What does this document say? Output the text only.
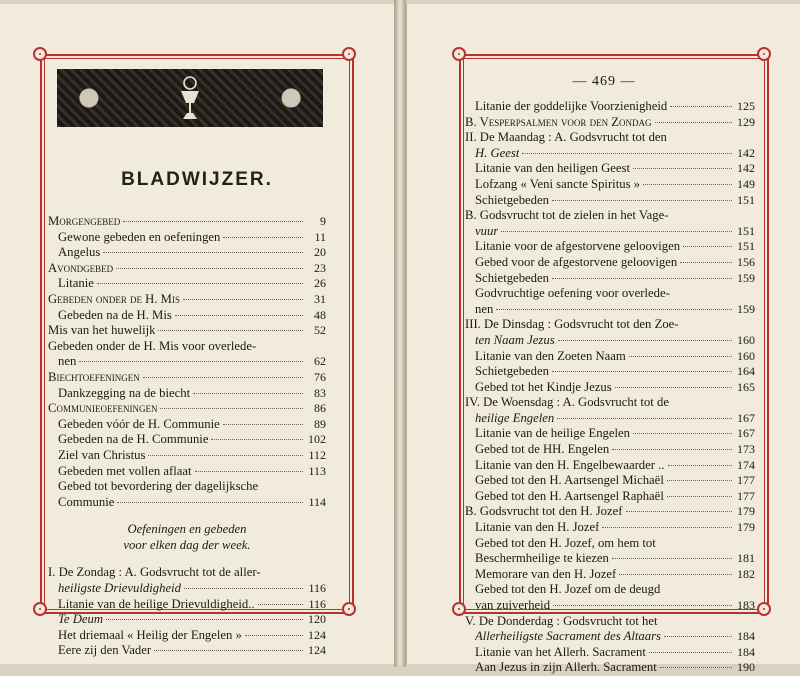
BLADWIJZER.
Morgengebed	9
Gewone gebeden en oefeningen	11
Angelus	20
Avondgebed	23
Litanie	26
Gebeden onder de H. Mis	31
Gebeden na de H. Mis	48
Mis van het huwelijk	52
Gebeden onder de H. Mis voor overlede-
nen	62
Biechtoefeningen	76
Dankzegging na de biecht	83
Communieoefeningen	86
Gebeden vóór de H. Communie	89
Gebeden na de H. Communie	102
Ziel van Christus	112
Gebeden met vollen aflaat	113
Gebed tot bevordering der dagelijksche
Communie	114
Oefeningen en gebeden
voor elken dag der week.
I. De Zondag : A. Godsvrucht tot de aller-
heiligste Drievuldigheid	116
Litanie van de heilige Drievuldigheid..	116
Te Deum	120
Het driemaal « Heilig der Engelen »	124
Eere zij den Vader	124
— 469 —
Litanie der goddelijke Voorzienigheid	125
B. Vesperpsalmen voor den Zondag	129
II. De Maandag : A. Godsvrucht tot den
H. Geest	142
Litanie van den heiligen Geest	142
Lofzang « Veni sancte Spiritus »	149
Schietgebeden	151
B. Godsvrucht tot de zielen in het Vage-
vuur	151
Litanie voor de afgestorvene geloovigen	151
Gebed voor de afgestorvene geloovigen	156
Schietgebeden	159
Godvruchtige oefening voor overlede-
nen	159
III. De Dinsdag : Godsvrucht tot den Zoe-
ten Naam Jezus	160
Litanie van den Zoeten Naam	160
Schietgebeden	164
Gebed tot het Kindje Jezus	165
IV. De Woensdag : A. Godsvrucht tot de
heilige Engelen	167
Litanie van de heilige Engelen	167
Gebed tot de HH. Engelen	173
Litanie van den H. Engelbewaarder ..	174
Gebed tot den H. Aartsengel Michaël	177
Gebed tot den H. Aartsengel Raphaël	177
B. Godsvrucht tot den H. Jozef	179
Litanie van den H. Jozef	179
Gebed tot den H. Jozef, om hem tot
Beschermheilige te kiezen	181
Memorare van den H. Jozef	182
Gebed tot den H. Jozef om de deugd
van zuiverheid	183
V. De Donderdag : Godsvrucht tot het
Allerheiligste Sacrament des Altaars	184
Litanie van het Allerh. Sacrament	184
Aan Jezus in zijn Allerh. Sacrament	190
